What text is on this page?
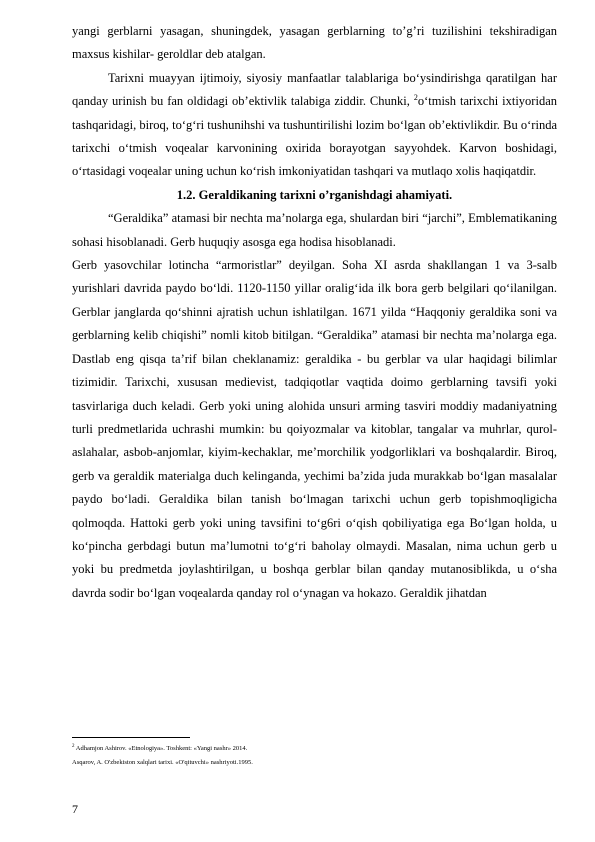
yangi gerblarni yasagan, shuningdek, yasagan gerblarning to’g’ri tuzilishini tekshiradigan maxsus kishilar- geroldlar deb atalgan.

Tarixni muayyan ijtimoiy, siyosiy manfaatlar talablariga bo‘ysindirishga qaratilgan har qanday urinish bu fan oldidagi ob’ektivlik talabiga ziddir. Chunki, $^2$o‘tmish tarixchi ixtiyoridan tashqaridagi, biroq, to‘g‘ri tushunihshi va tushuntirilishi lozim bo‘lgan ob’ektivlikdir. Bu o‘rinda tarixchi o‘tmish voqealar karvonining oxirida borayotgan sayyohdek. Karvon boshidagi, o‘rtasidagi voqealar uning uchun ko‘rish imkoniyatidan tashqari va mutlaqo xolis haqiqatdir.

1.2. Geraldikaning tarixni o’rganishdagi ahamiyati.

“Geraldika” atamasi bir nechta ma’nolarga ega, shulardan biri “jarchi”, Emblematikaning sohasi hisoblanadi. Gerb huquqiy asosga ega hodisa hisoblanadi.

Gerb yasovchilar lotincha “armoristlar” deyilgan. Soha XI asrda shakllangan 1 va 3-salb yurishlari davrida paydo bo‘ldi. 1120-1150 yillar oralig‘ida ilk bora gerb belgilari qo‘ilanilgan. Gerblar janglarda qo‘shinni ajratish uchun ishlatilgan. 1671 yilda “Haqqoniy geraldika soni va gerblarning kelib chiqishi” nomli kitob bitilgan. “Geraldika” atamasi bir nechta ma’nolarga ega. Dastlab eng qisqa ta’rif bilan cheklanamiz: geraldika - bu gerblar va ular haqidagi bilimlar tizimidir. Tarixchi, xususan medievist, tadqiqotlar vaqtida doimo gerblarning tavsifi yoki tasvirlariga duch keladi. Gerb yoki uning alohida unsuri arming tasviri moddiy madaniyatning turli predmetlarida uchrashi mumkin: bu qoiyozmalar va kitoblar, tangalar va muhrlar, qurol-aslahalar, asbob-anjomlar, kiyim-kechaklar, me’morchilik yodgorliklari va boshqalardir. Biroq, gerb va geraldik materialga duch kelinganda, yechimi ba’zida juda murakkab bo‘lgan masalalar paydo bo‘ladi. Geraldika bilan tanish bo‘lmagan tarixchi uchun gerb topishmoqligicha qolmoqda. Hattoki gerb yoki uning tavsifini to‘g6ri o‘qish qobiliyatiga ega Bo‘lgan holda, u ko‘pincha gerbdagi butun ma’lumotni to‘g‘ri baholay olmaydi. Masalan, nima uchun gerb u yoki bu predmetda joylashtirilgan, u boshqa gerblar bilan qanday mutanosiblikda, u o‘sha davrda sodir bo‘lgan voqealarda qanday rol o‘ynagan va hokazo. Geraldik jihatdan

$^2$ Adhamjon Ashirov. «Etnologiya». Toshkent: «Yangi nashr» 2014.

Asqarov, A. O'zbekiston xalqlari tarixi. «O'qituvchi» nashriyoti.1995.

7
